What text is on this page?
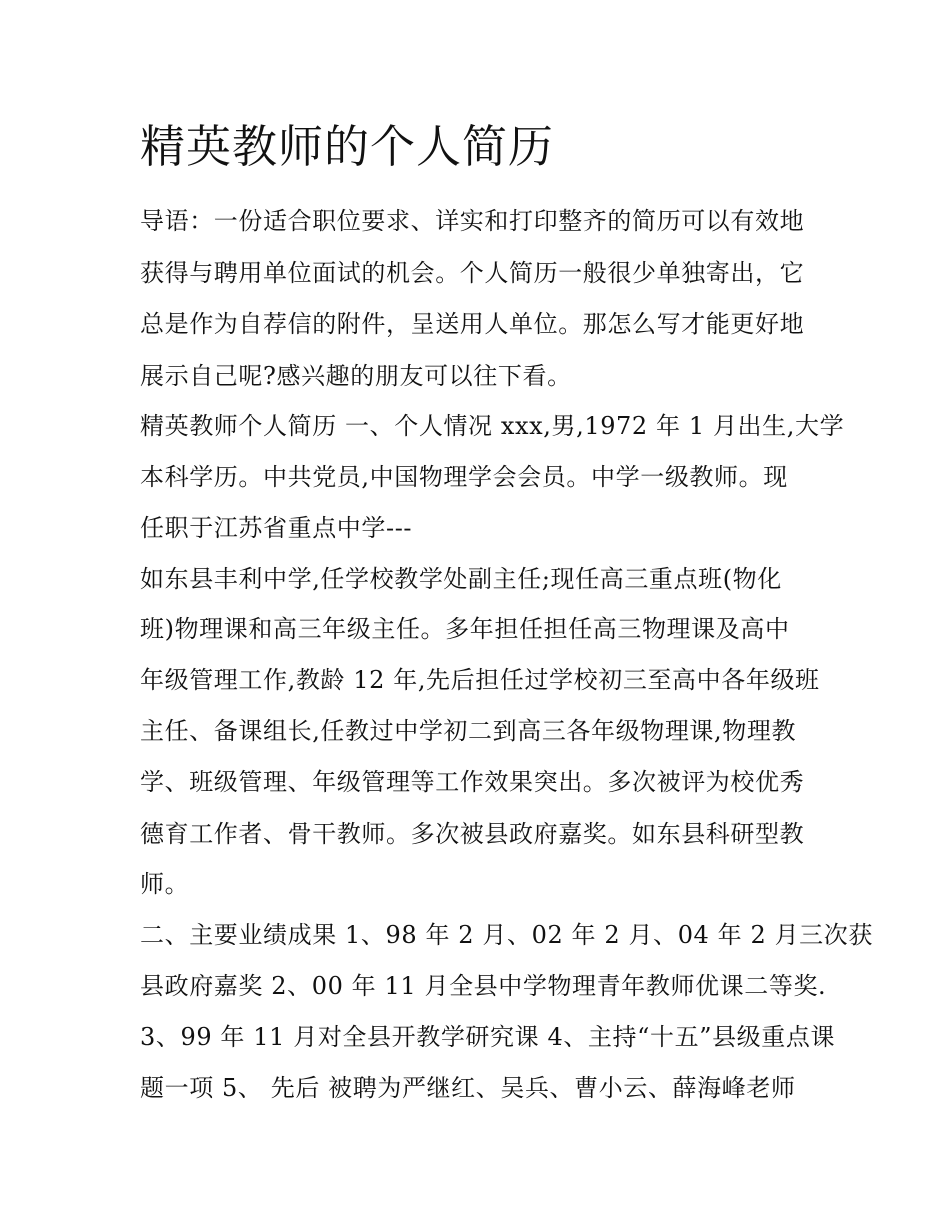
精英教师的个人简历
导语：一份适合职位要求、详实和打印整齐的简历可以有效地
获得与聘用单位面试的机会。个人简历一般很少单独寄出，它
总是作为自荐信的附件，呈送用人单位。那怎么写才能更好地
展示自己呢?感兴趣的朋友可以往下看。
精英教师个人简历 一、个人情况 xxx,男,1972 年 1 月出生,大学
本科学历。中共党员,中国物理学会会员。中学一级教师。现
任职于江苏省重点中学---
如东县丰利中学,任学校教学处副主任;现任高三重点班(物化
班)物理课和高三年级主任。多年担任担任高三物理课及高中
年级管理工作,教龄 12 年,先后担任过学校初三至高中各年级班
主任、备课组长,任教过中学初二到高三各年级物理课,物理教
学、班级管理、年级管理等工作效果突出。多次被评为校优秀
德育工作者、骨干教师。多次被县政府嘉奖。如东县科研型教
师。
二、主要业绩成果 1、98 年 2 月、02 年 2 月、04 年 2 月三次获
县政府嘉奖 2、00 年 11 月全县中学物理青年教师优课二等奖.
3、99 年 11 月对全县开教学研究课 4、主持“十五”县级重点课
题一项 5、 先后 被聘为严继红、吴兵、曹小云、薛海峰老师
